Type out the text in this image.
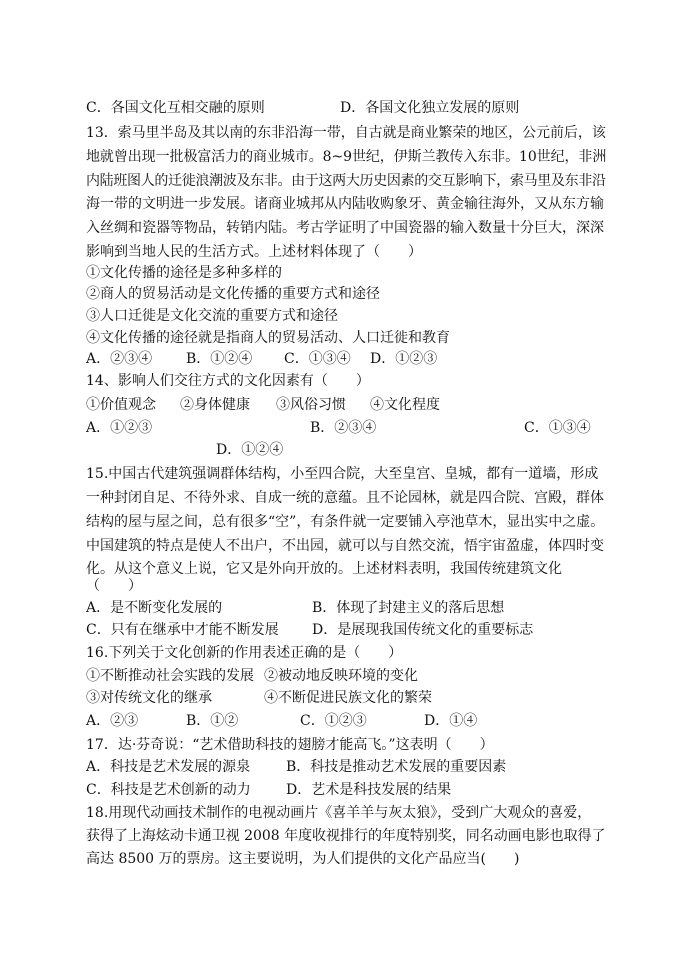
C．各国文化互相交融的原则	D．各国文化独立发展的原则
13．索马里半岛及其以南的东非沿海一带，自古就是商业繁荣的地区，公元前后，该
地就曾出现一批极富活力的商业城市。8~9世纪，伊斯兰教传入东非。10世纪，非洲
内陆班图人的迁徙浪潮波及东非。由于这两大历史因素的交互影响下，索马里及东非沿
海一带的文明进一步发展。诸商业城邦从内陆收购象牙、黄金输往海外，又从东方输
入丝绸和瓷器等物品，转销内陆。考古学证明了中国瓷器的输入数量十分巨大，深深
影响到当地人民的生活方式。上述材料体现了（　　）
①文化传播的途径是多种多样的
②商人的贸易活动是文化传播的重要方式和途径
③人口迁徙是文化交流的重要方式和途径
④文化传播的途径就是指商人的贸易活动、人口迁徙和教育
A．②③④ B．①②④ C．①③④ D．①②③
14、影响人们交往方式的文化因素有（　　）
①价值观念 ②身体健康 ③风俗习惯 ④文化程度
A．①②③	B．②③④	C．①③④
D．①②④
15.中国古代建筑强调群体结构，小至四合院，大至皇宫、皇城，都有一道墙，形成
一种封闭自足、不待外求、自成一统的意蕴。且不论园林，就是四合院、宫殿，群体
结构的屋与屋之间，总有很多“空”，有条件就一定要铺入亭池草木，显出实中之虚。
中国建筑的特点是使人不出户，不出园，就可以与自然交流，悟宇宙盈虚，体四时变
化。从这个意义上说，它又是外向开放的。上述材料表明，我国传统建筑文化
（　　）
A．是不断变化发展的	B．体现了封建主义的落后思想
C．只有在继承中才能不断发展 D．是展现我国传统文化的重要标志
16.下列关于文化创新的作用表述正确的是（　　）
①不断推动社会实践的发展 ②被动地反映环境的变化
③对传统文化的继承	④不断促进民族文化的繁荣
A．②③	B．①②	C．①②③	D．①④
17．达·芬奇说：“艺术借助科技的翅膀才能高飞。”这表明（　　）
A．科技是艺术发展的源泉	B．科技是推动艺术发展的重要因素
C．科技是艺术创新的动力	D．艺术是科技发展的结果
18.用现代动画技术制作的电视动画片《喜羊羊与灰太狼》，受到广大观众的喜爱，
获得了上海炫动卡通卫视 2008 年度收视排行的年度特别奖，同名动画电影也取得了
高达 8500 万的票房。这主要说明，为人们提供的文化产品应当(　　)
